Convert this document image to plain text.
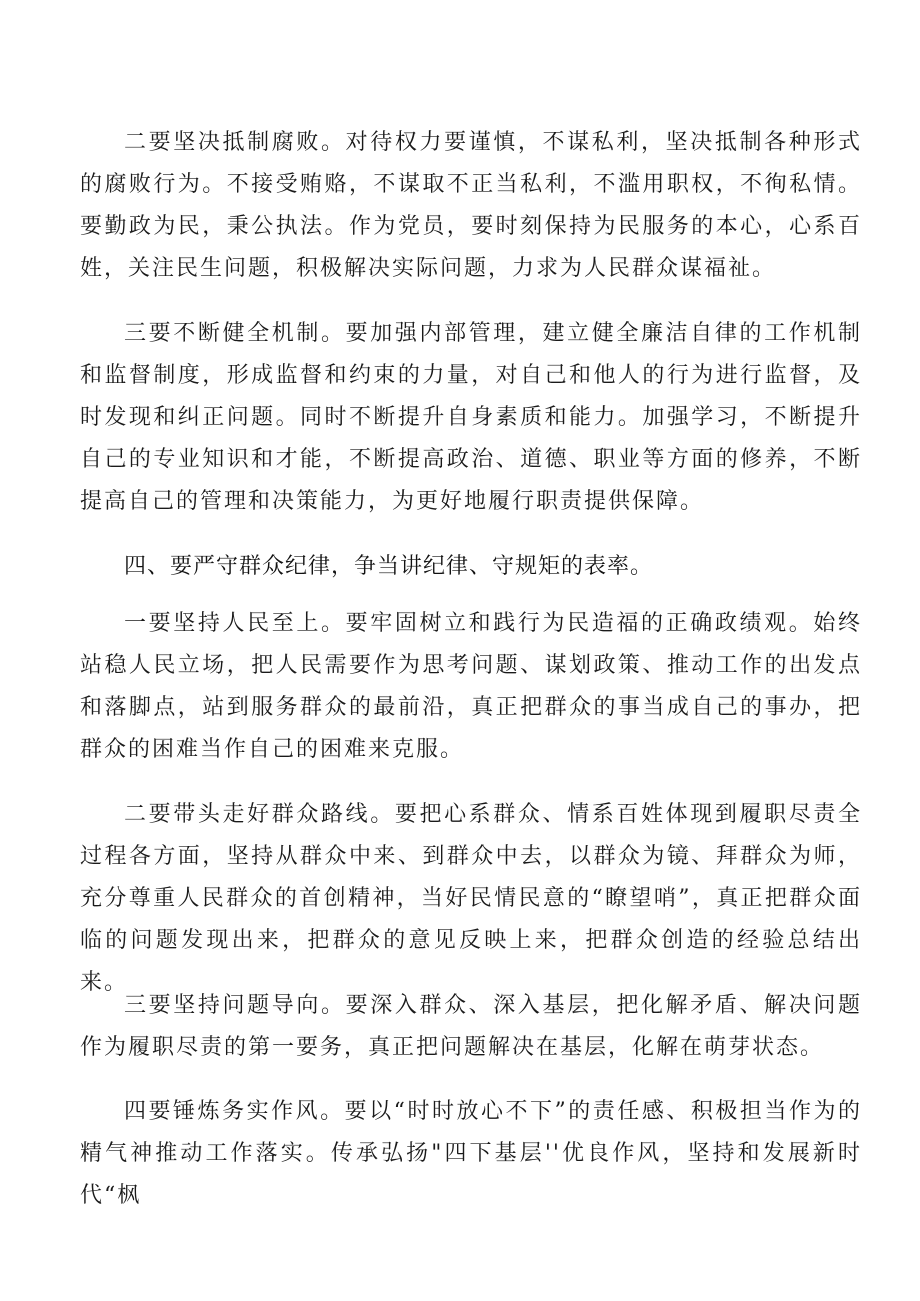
二要坚决抵制腐败。对待权力要谨慎，不谋私利，坚决抵制各种形式的腐败行为。不接受贿赂，不谋取不正当私利，不滥用职权，不徇私情。要勤政为民，秉公执法。作为党员，要时刻保持为民服务的本心，心系百姓，关注民生问题，积极解决实际问题，力求为人民群众谋福祉。

三要不断健全机制。要加强内部管理，建立健全廉洁自律的工作机制和监督制度，形成监督和约束的力量，对自己和他人的行为进行监督，及时发现和纠正问题。同时不断提升自身素质和能力。加强学习，不断提升自己的专业知识和才能，不断提高政治、道德、职业等方面的修养，不断提高自己的管理和决策能力，为更好地履行职责提供保障。

四、要严守群众纪律，争当讲纪律、守规矩的表率。

一要坚持人民至上。要牢固树立和践行为民造福的正确政绩观。始终站稳人民立场，把人民需要作为思考问题、谋划政策、推动工作的出发点和落脚点，站到服务群众的最前沿，真正把群众的事当成自己的事办，把群众的困难当作自己的困难来克服。

二要带头走好群众路线。要把心系群众、情系百姓体现到履职尽责全过程各方面，坚持从群众中来、到群众中去，以群众为镜、拜群众为师，充分尊重人民群众的首创精神，当好民情民意的“瞭望哨”，真正把群众面临的问题发现出来，把群众的意见反映上来，把群众创造的经验总结出来。

三要坚持问题导向。要深入群众、深入基层，把化解矛盾、解决问题作为履职尽责的第一要务，真正把问题解决在基层，化解在萌芽状态。

四要锤炼务实作风。要以“时时放心不下”的责任感、积极担当作为的精气神推动工作落实。传承弘扬"四下基层''优良作风，坚持和发展新时代“枫
